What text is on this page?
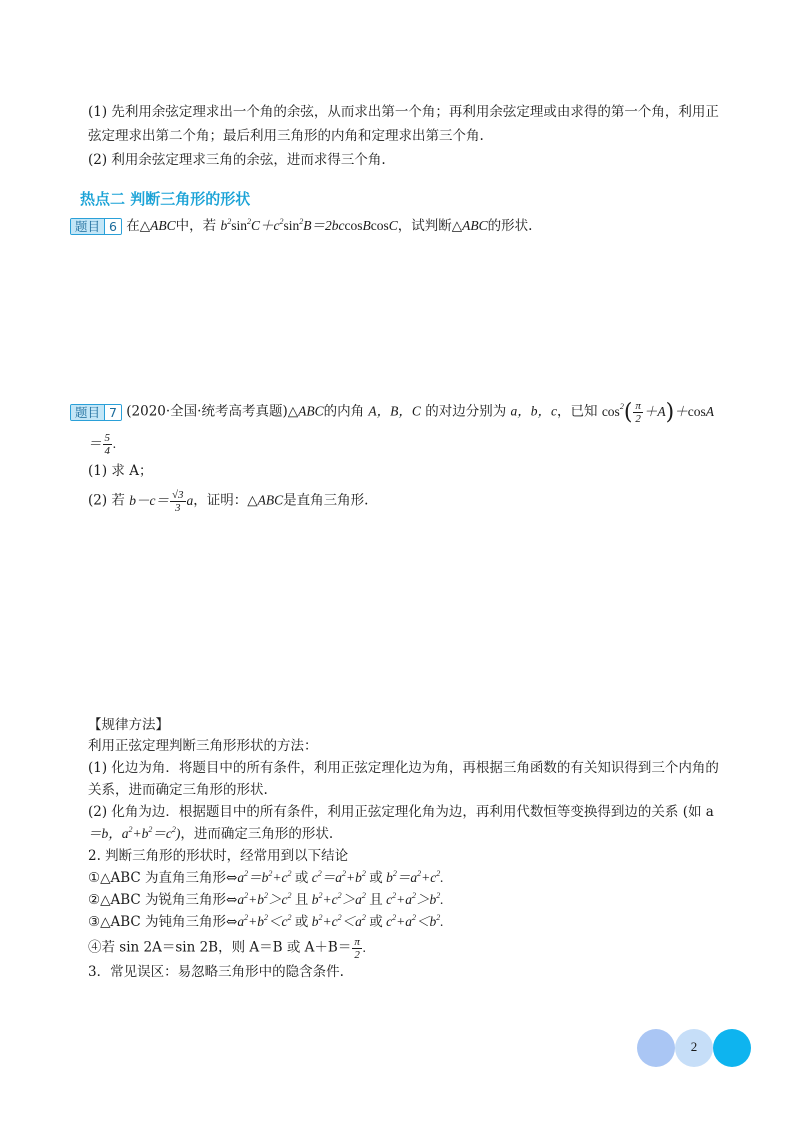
(1) 先利用余弦定理求出一个角的余弦，从而求出第一个角；再利用余弦定理或由求得的第一个角，利用正
弦定理求出第二个角；最后利用三角形的内角和定理求出第三个角.
(2) 利用余弦定理求三角的余弦，进而求得三个角.
热点二 判断三角形的形状
题目 6 在△ABC中，若 $b^2\sin^2C+c^2\sin^2B=2bccosBcosC$，试判断△ABC的形状.
题目 7 (2020·全国·统考高考真题)△ABC的内角 A，B，C 的对边分别为 a，b，c，已知 $\cos^2( \frac{\pi}{2} +A)+\cos A$
＝ $\frac{5}{4}$ .
(1) 求 A；
(2) 若 $b-c= \frac{√3}{3}$ a，证明：△ABC是直角三角形.
【规律方法】
利用正弦定理判断三角形形状的方法：
(1) 化边为角．将题目中的所有条件，利用正弦定理化边为角，再根据三角函数的有关知识得到三个内角的
关系，进而确定三角形的形状.
(2) 化角为边．根据题目中的所有条件，利用正弦定理化角为边，再利用代数恒等变换得到边的关系 (如 a
＝b，$a^2+b^2=c^2$)，进而确定三角形的形状.
2. 判断三角形的形状时，经常用到以下结论
①△ABC 为直角三角形$\Leftrightarrow a^2=b^2+c^2$ 或 $c^2=a^2+b^2$ 或 $b^2=a^2+c^2$.
②△ABC 为锐角三角形$\Leftrightarrow a^2+b^2>c^2$ 且 $b^2+c^2>a^2$ 且 $c^2+a^2>b^2$.
③△ABC 为钝角三角形$\Leftrightarrow a^2+b^2<c^2$ 或 $b^2+c^2<a^2$ 或 $c^2+a^2<b^2$.
④若 sin 2A＝sin 2B，则 A＝B 或 $A+B= \frac{\pi}{2}$ .
3．常见误区：易忽略三角形中的隐含条件.
2
